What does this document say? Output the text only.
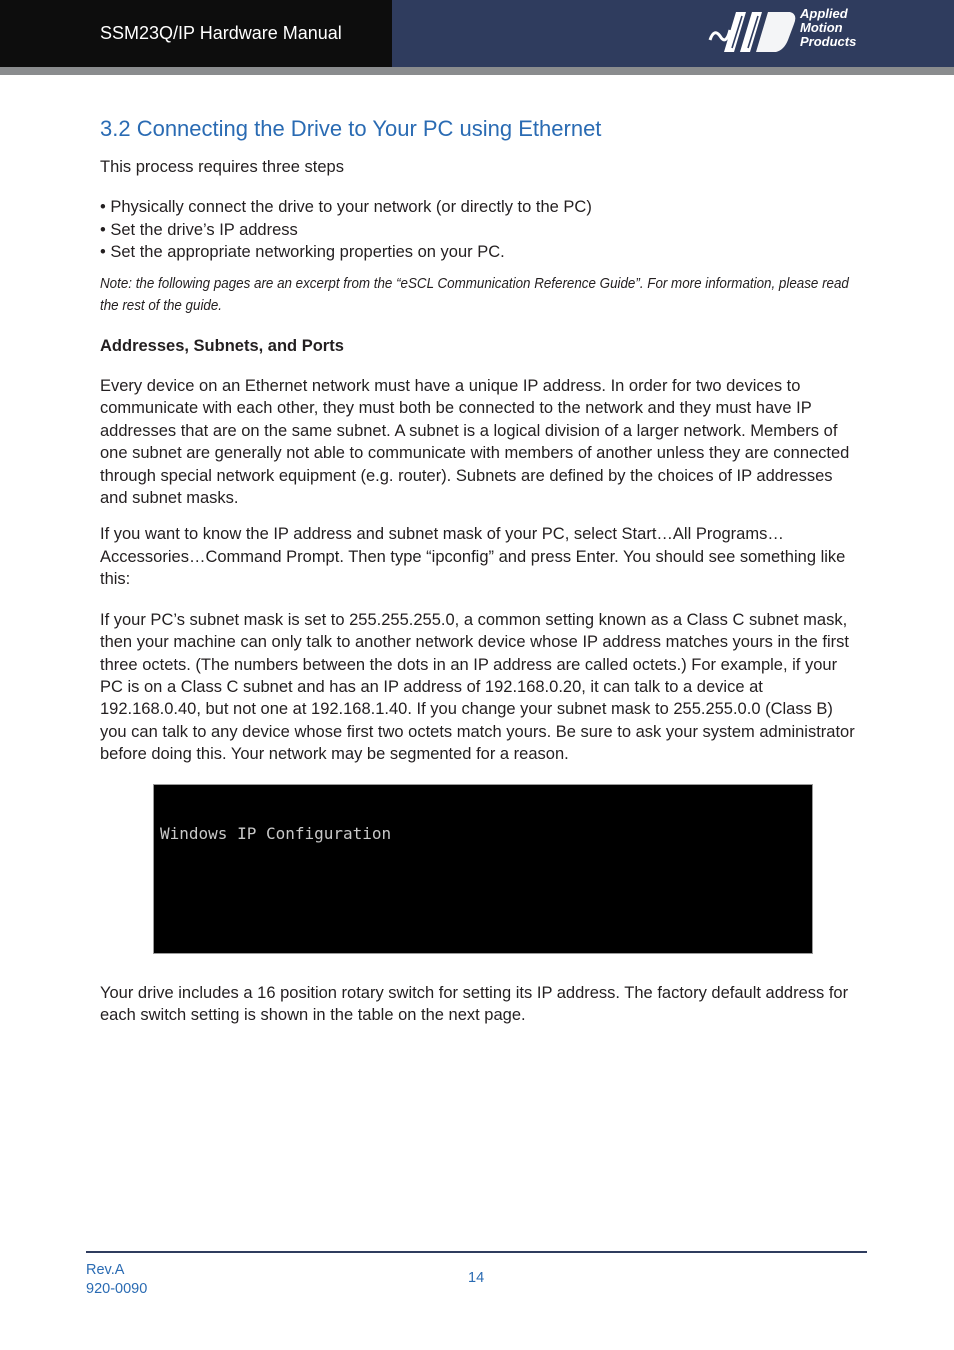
SSM23Q/IP Hardware Manual
Applied
Motion
Products
3.2 Connecting the Drive to Your PC using Ethernet

This process requires three steps

• Physically connect the drive to your network (or directly to the PC)

• Set the drive’s IP address

• Set the appropriate networking properties on your PC.

Note: the following pages are an excerpt from the “eSCL Communication Reference Guide”. For more information, please read the rest of the guide.

Addresses, Subnets, and Ports

Every device on an Ethernet network must have a unique IP address. In order for two devices to communicate with each other, they must both be connected to the network and they must have IP addresses that are on the same subnet. A subnet is a logical division of a larger network. Members of one subnet are generally not able to communicate with members of another unless they are connected through special network equipment (e.g. router). Subnets are defined by the choices of IP addresses and subnet masks.

If you want to know the IP address and subnet mask of your PC, select Start…All Programs…Accessories…Command Prompt. Then type “ipconfig” and press Enter. You should see something like this:

If your PC’s subnet mask is set to 255.255.255.0, a common setting known as a Class C subnet mask, then your machine can only talk to another network device whose IP address matches yours in the first three octets. (The numbers between the dots in an IP address are called octets.) For example, if your PC is on a Class C subnet and has an IP address of 192.168.0.20, it can talk to a device at 192.168.0.40, but not one at 192.168.1.40. If you change your subnet mask to 255.255.0.0 (Class B) you can talk to any device whose first two octets match yours. Be sure to ask your system administrator before doing this. Your network may be segmented for a reason.

Windows IP Configuration

Your drive includes a 16 position rotary switch for setting its IP address. The factory default address for each switch setting is shown in the table on the next page.

Rev.A
920-0090
14
